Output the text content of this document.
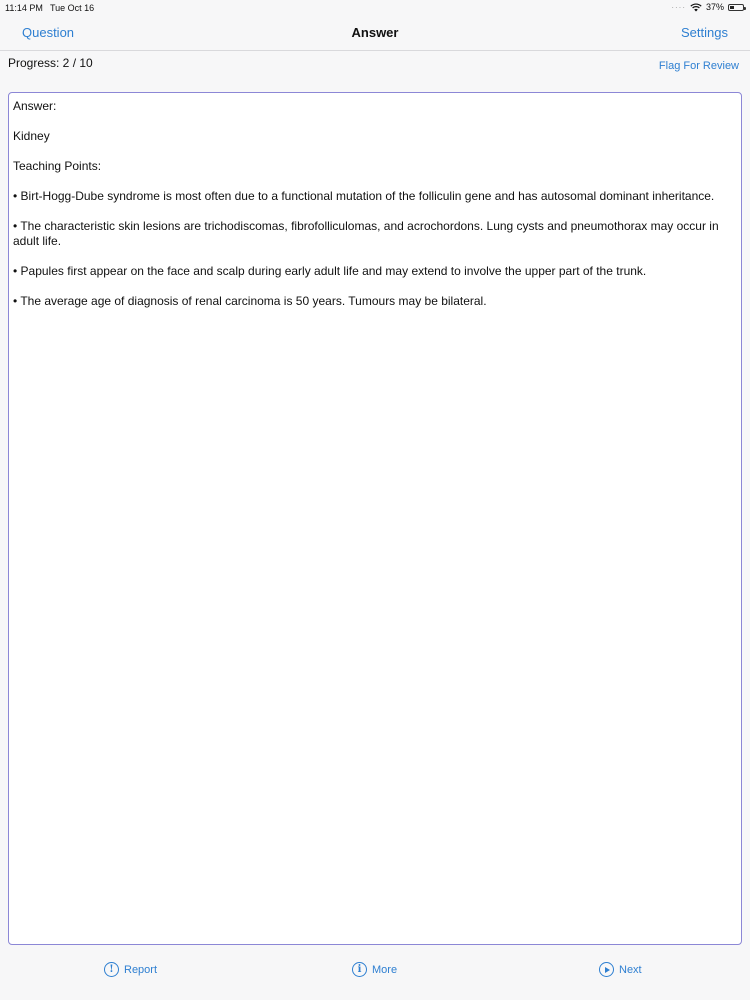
11:14 PM Tue Oct 16	···· 37%
Question	Answer	Settings
Progress: 2 / 10	Flag For Review

Answer:

Kidney

Teaching Points:

• Birt-Hogg-Dube syndrome is most often due to a functional mutation of the folliculin gene and has autosomal dominant inheritance.

• The characteristic skin lesions are trichodiscomas, fibrofolliculomas, and acrochordons. Lung cysts and pneumothorax may occur in adult life.

• Papules first appear on the face and scalp during early adult life and may extend to involve the upper part of the trunk.

• The average age of diagnosis of renal carcinoma is 50 years. Tumours may be bilateral.

! Report	i More	Next
